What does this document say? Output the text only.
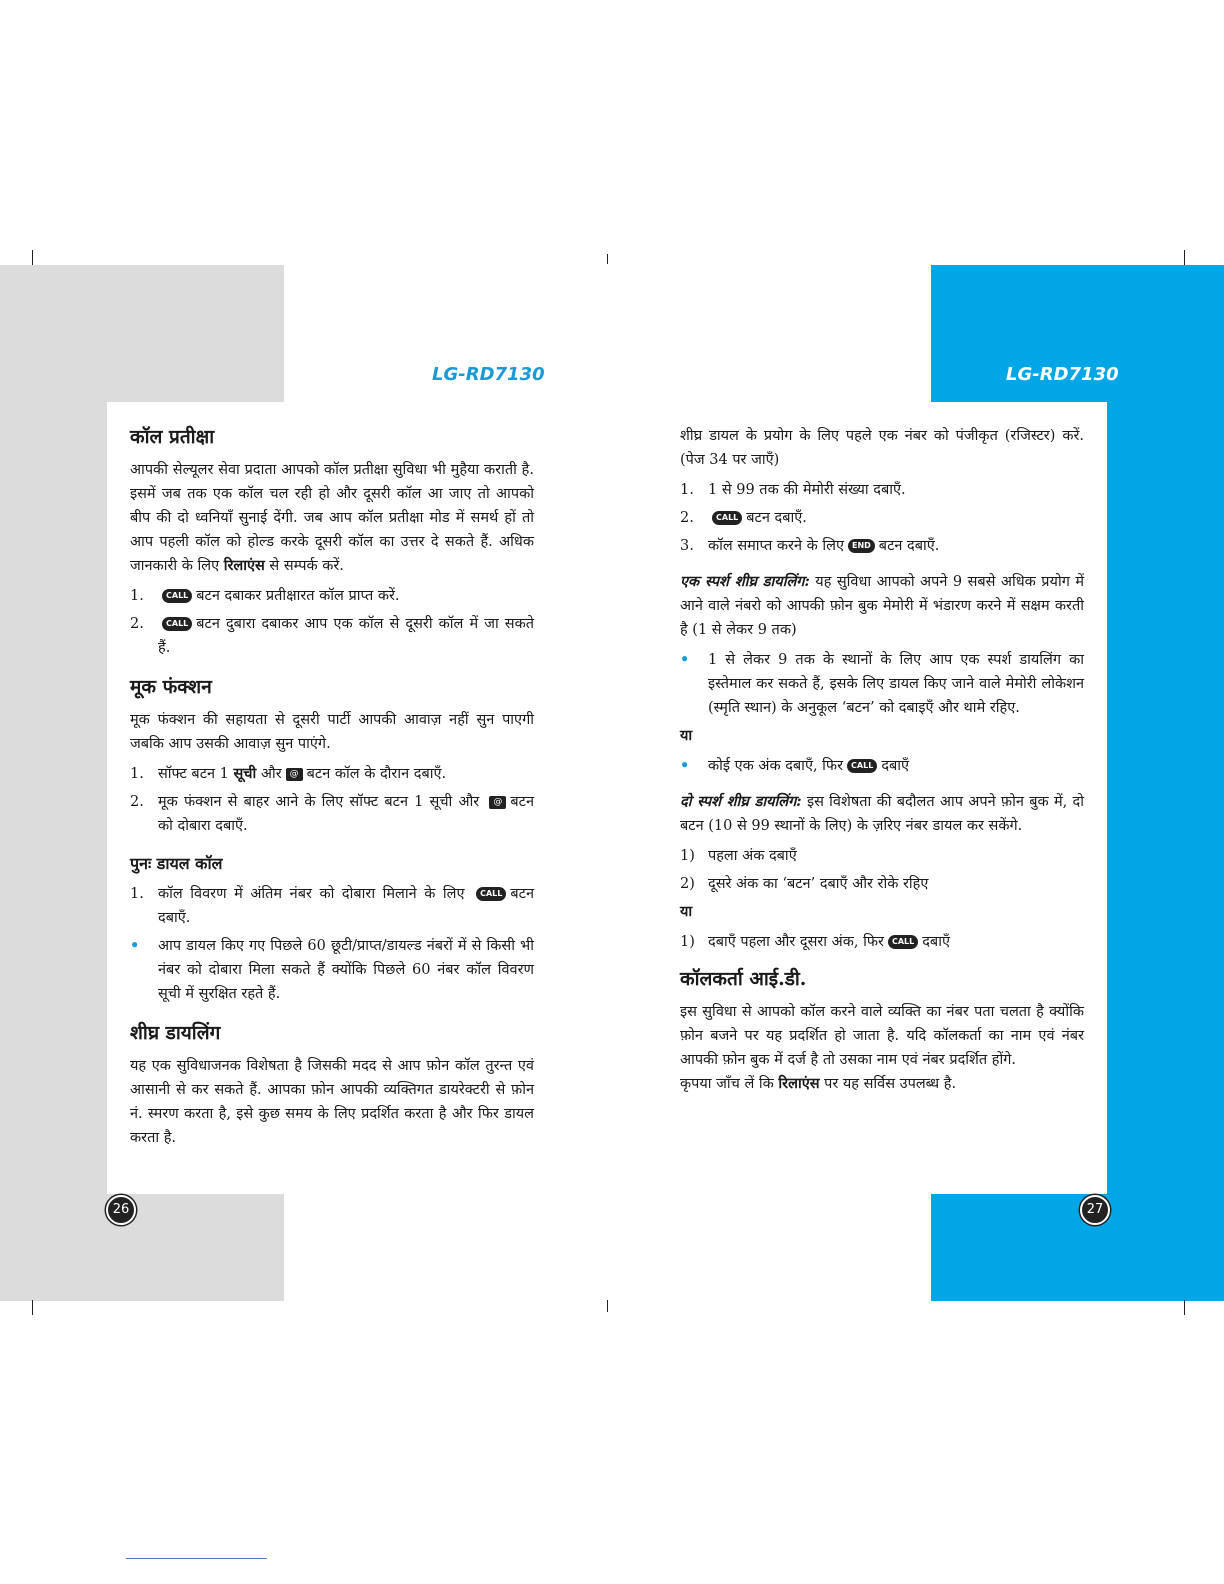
LG-RD7130	LG-RD7130
कॉल प्रतीक्षा

आपकी सेल्यूलर सेवा प्रदाता आपको कॉल प्रतीक्षा सुविधा भी मुहैया कराती है. इसमें जब तक एक कॉल चल रही हो और दूसरी कॉल आ जाए तो आपको बीप की दो ध्वनियाँ सुनाई देंगी. जब आप कॉल प्रतीक्षा मोड में समर्थ हों तो आप पहली कॉल को होल्ड करके दूसरी कॉल का उत्तर दे सकते हैं. अधिक जानकारी के लिए रिलाएंस से सम्पर्क करें.

1.	CALL बटन दबाकर प्रतीक्षारत कॉल प्राप्त करें.
2.	CALL बटन दुबारा दबाकर आप एक कॉल से दूसरी कॉल में जा सकते हैं.
मूक फंक्शन

मूक फंक्शन की सहायता से दूसरी पार्टी आपकी आवाज़ नहीं सुन पाएगी जबकि आप उसकी आवाज़ सुन पाएंगे.

1. सॉफ्ट बटन 1 सूची और @ बटन कॉल के दौरान दबाएँ.
2. मूक फंक्शन से बाहर आने के लिए सॉफ्ट बटन 1 सूची और @ बटन को दोबारा दबाएँ.
पुनः डायल कॉल
1. कॉल विवरण में अंतिम नंबर को दोबारा मिलाने के लिए CALL बटन दबाएँ.
•	आप डायल किए गए पिछले 60 छूटी/प्राप्त/डायल्ड नंबरों में से किसी भी नंबर को दोबारा मिला सकते हैं क्योंकि पिछले 60 नंबर कॉल विवरण सूची में सुरक्षित रहते हैं.
शीघ्र डायलिंग

यह एक सुविधाजनक विशेषता है जिसकी मदद से आप फ़ोन कॉल तुरन्त एवं आसानी से कर सकते हैं. आपका फ़ोन आपकी व्यक्तिगत डायरेक्टरी से फ़ोन नं. स्मरण करता है, इसे कुछ समय के लिए प्रदर्शित करता है और फिर डायल करता है.

शीघ्र डायल के प्रयोग के लिए पहले एक नंबर को पंजीकृत (रजिस्टर) करें. (पेज 34 पर जाएँ)

1. 1 से 99 तक की मेमोरी संख्या दबाएँ.
2.	CALL बटन दबाएँ.
3. कॉल समाप्त करने के लिए END बटन दबाएँ.

एक स्पर्श शीघ्र डायलिंग: यह सुविधा आपको अपने 9 सबसे अधिक प्रयोग में आने वाले नंबरो को आपकी फ़ोन बुक मेमोरी में भंडारण करने में सक्षम करती है (1 से लेकर 9 तक)

•	1 से लेकर 9 तक के स्थानों के लिए आप एक स्पर्श डायलिंग का इस्तेमाल कर सकते हैं, इसके लिए डायल किए जाने वाले मेमोरी लोकेशन (स्मृति स्थान) के अनुकूल ‘बटन’ को दबाइएँ और थामे रहिए.

या

•	कोई एक अंक दबाएँ, फिर CALL दबाएँ

दो स्पर्श शीघ्र डायलिंग: इस विशेषता की बदौलत आप अपने फ़ोन बुक में, दो बटन (10 से 99 स्थानों के लिए) के ज़रिए नंबर डायल कर सकेंगे.

1) पहला अंक दबाएँ
2) दूसरे अंक का ‘बटन’ दबाएँ और रोके रहिए

या

1) दबाएँ पहला और दूसरा अंक, फिर CALL दबाएँ
कॉलकर्ता आई.डी.

इस सुविधा से आपको कॉल करने वाले व्यक्ति का नंबर पता चलता है क्योंकि फ़ोन बजने पर यह प्रदर्शित हो जाता है. यदि कॉलकर्ता का नाम एवं नंबर आपकी फ़ोन बुक में दर्ज है तो उसका नाम एवं नंबर प्रदर्शित होंगे.

कृपया जाँच लें कि रिलाएंस पर यह सर्विस उपलब्ध है.

26	27
